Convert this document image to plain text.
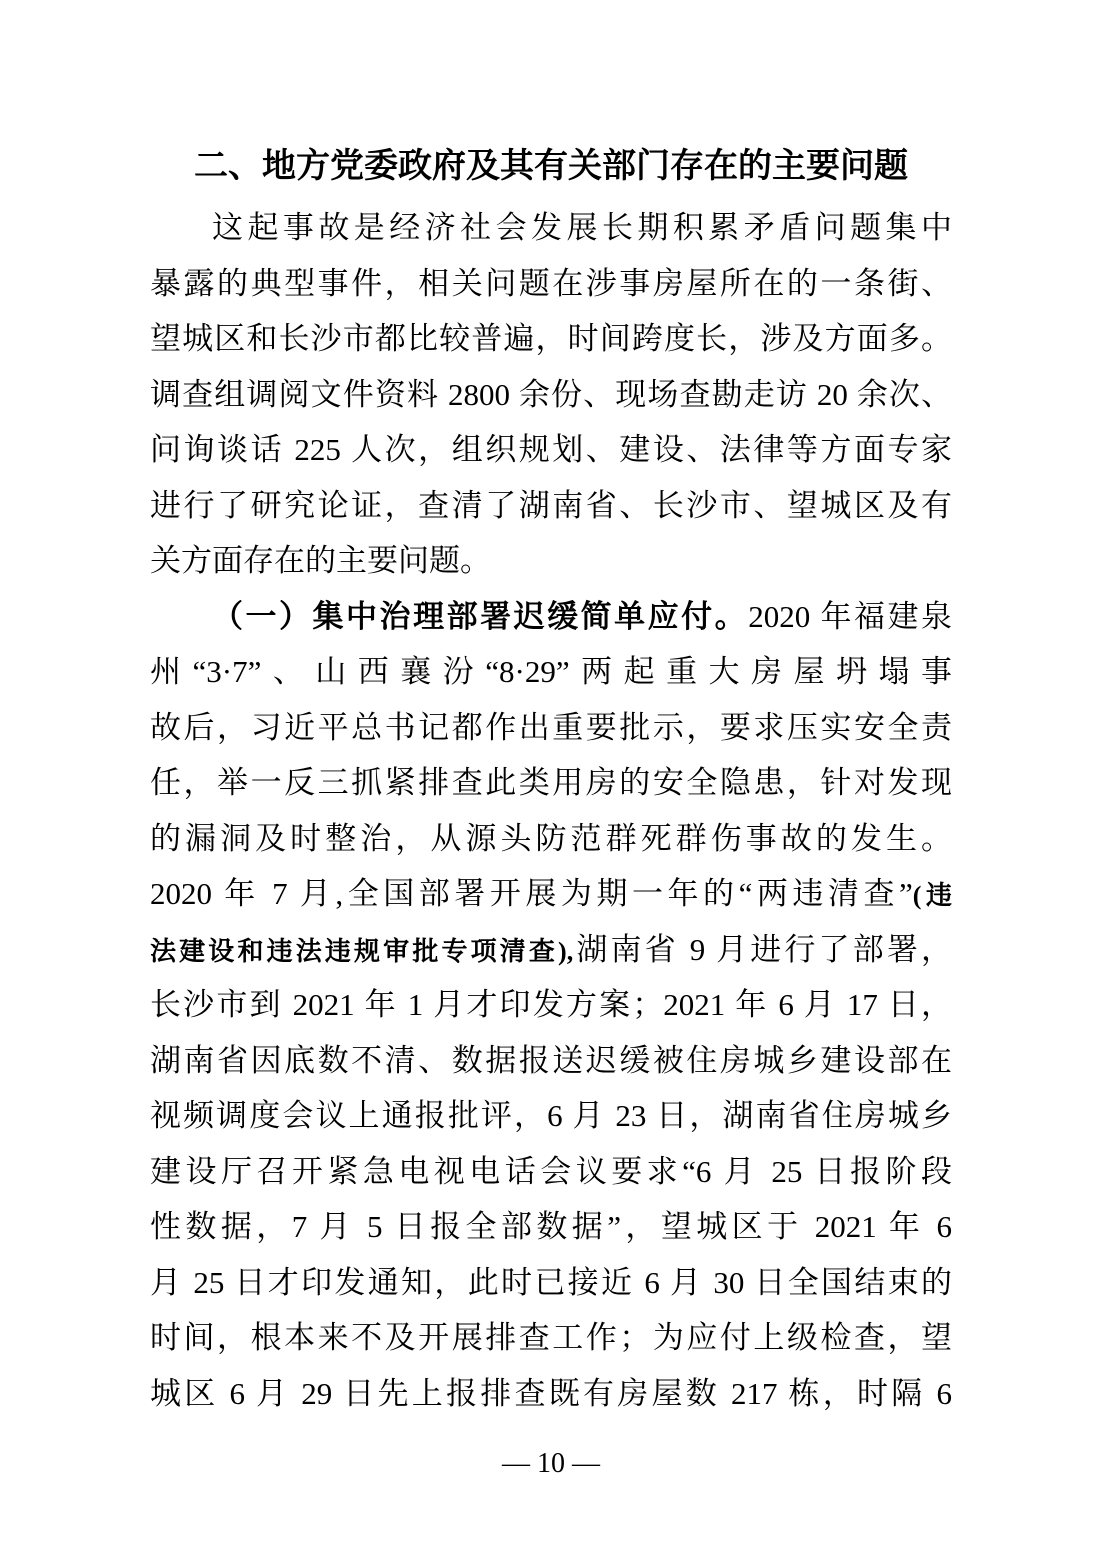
二、地方党委政府及其有关部门存在的主要问题
这起事故是经济社会发展长期积累矛盾问题集中
暴露的典型事件，相关问题在涉事房屋所在的一条街、
望城区和长沙市都比较普遍，时间跨度长，涉及方面多。
调查组调阅文件资料 2800 余份、现场查勘走访 20 余次、
问询谈话 225 人次，组织规划、建设、法律等方面专家
进行了研究论证，查清了湖南省、长沙市、望城区及有
关方面存在的主要问题。
（一）集中治理部署迟缓简单应付。2020 年福建泉
州“3·7”、山西襄汾“8·29”两起重大房屋坍塌事
故后，习近平总书记都作出重要批示，要求压实安全责
任，举一反三抓紧排查此类用房的安全隐患，针对发现
的漏洞及时整治，从源头防范群死群伤事故的发生。
2020 年 7 月,全国部署开展为期一年的“两违清查”(违
法建设和违法违规审批专项清查),湖南省 9 月进行了部署，
长沙市到 2021 年 1 月才印发方案；2021 年 6 月 17 日，
湖南省因底数不清、数据报送迟缓被住房城乡建设部在
视频调度会议上通报批评，6 月 23 日，湖南省住房城乡
建设厅召开紧急电视电话会议要求“6 月 25 日报阶段
性数据，7 月 5 日报全部数据”，望城区于 2021 年 6
月 25 日才印发通知，此时已接近 6 月 30 日全国结束的
时间，根本来不及开展排查工作；为应付上级检查，望
城区 6 月 29 日先上报排查既有房屋数 217 栋，时隔 6
— 10 —
